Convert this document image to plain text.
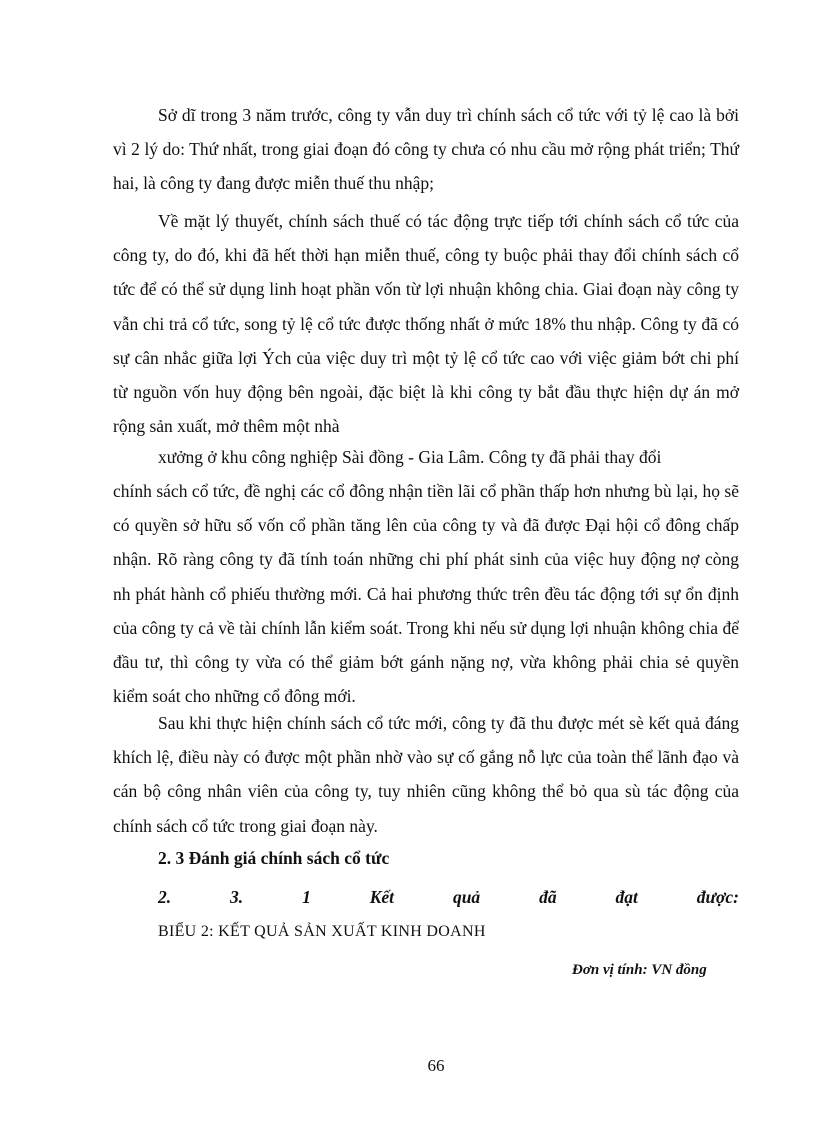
Sở dĩ trong 3 năm trước, công ty vẫn duy trì chính sách cổ tức với tỷ lệ cao là bởi vì 2 lý do: Thứ nhất, trong giai đoạn đó công ty chưa có nhu cầu mở rộng phát triển; Thứ hai, là công ty đang được miễn thuế thu nhập;

Về mặt lý thuyết, chính sách thuế có tác động trực tiếp tới chính sách cổ tức của công ty, do đó, khi đã hết thời hạn miễn thuế, công ty buộc phải thay đổi chính sách cổ tức để có thể sử dụng linh hoạt phần vốn từ lợi nhuận không chia. Giai đoạn này công ty vẫn chi trả cổ tức, song tỷ lệ cổ tức được thống nhất ở mức 18% thu nhập. Công ty đã có sự cân nhắc giữa lợi Ých của việc duy trì một tỷ lệ cổ tức cao với việc giảm bớt chi phí từ nguồn vốn huy động bên ngoài, đặc biệt là khi công ty bắt đầu thực hiện dự án mở rộng sản xuất, mở thêm một nhà

xưởng ở khu công nghiệp Sài đồng - Gia Lâm. Công ty đã phải thay đổi

chính sách cổ tức, đề nghị các cổ đông nhận tiền lãi cổ phần thấp hơn nhưng bù lại, họ sẽ có quyền sở hữu số vốn cổ phần tăng lên của công ty và đã được Đại hội cổ đông chấp nhận. Rõ ràng công ty đã tính toán những chi phí phát sinh của việc huy động nợ còng nh phát hành cổ phiếu thường mới. Cả hai phương thức trên đều tác động tới sự ổn định của công ty cả về tài chính lẫn kiểm soát. Trong khi nếu sử dụng lợi nhuận không chia để đầu tư, thì công ty vừa có thể giảm bớt gánh nặng nợ, vừa không phải chia sẻ quyền kiểm soát cho những cổ đông mới.

Sau khi thực hiện chính sách cổ tức mới, công ty đã thu được mét sè kết quả đáng khích lệ, điều này có được một phần nhờ vào sự cố gắng nỗ lực của toàn thể lãnh đạo và cán bộ công nhân viên của công ty, tuy nhiên cũng không thể bỏ qua sù tác động của chính sách cổ tức trong giai đoạn này.

2. 3 Đánh giá chính sách cổ tức

2.	3.	1	Kết	quả	đã	đạt	được:

BIỂU 2: KẾT QUẢ SẢN XUẤT KINH DOANH

Đơn vị tính: VN đồng

66
